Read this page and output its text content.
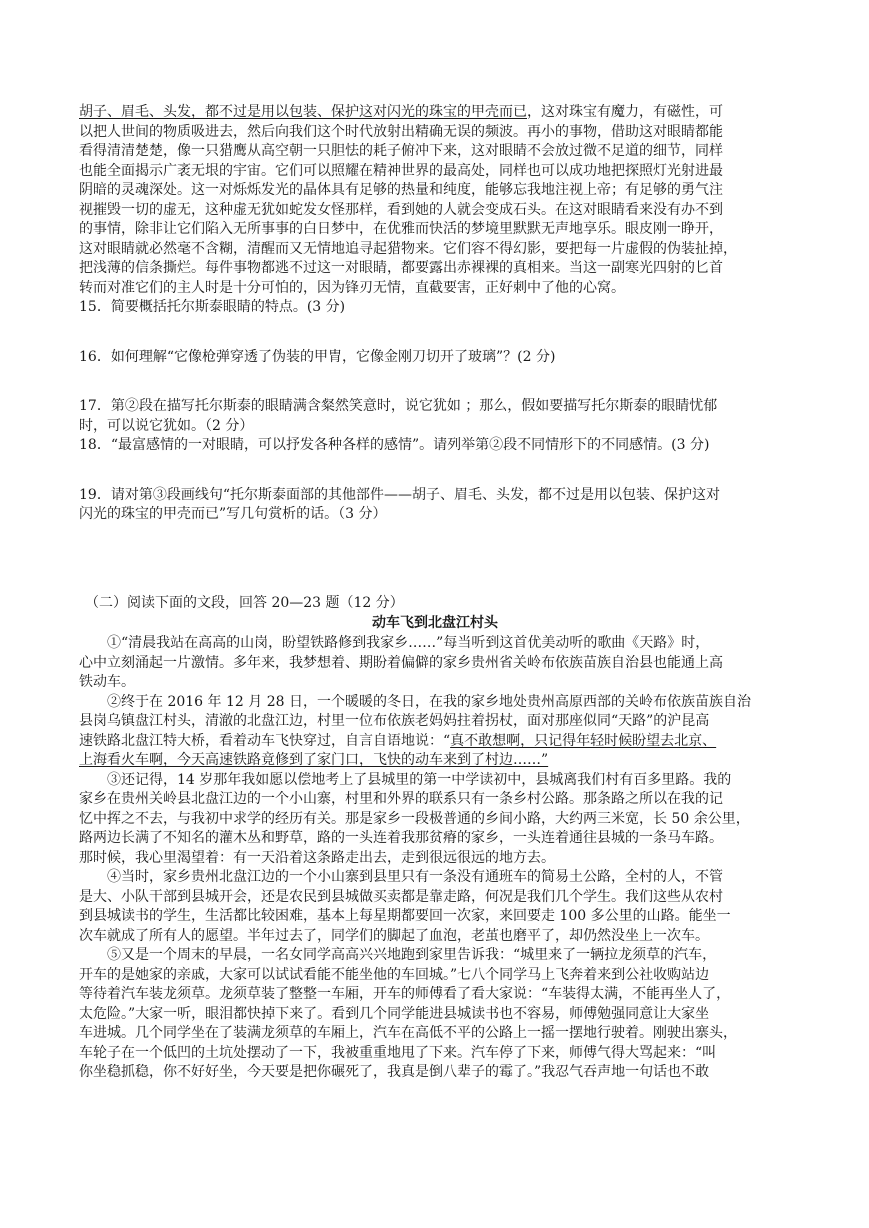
胡子、眉毛、头发，都不过是用以包装、保护这对闪光的珠宝的甲壳而已，这对珠宝有魔力，有磁性，可
以把人世间的物质吸进去，然后向我们这个时代放射出精确无误的频波。再小的事物，借助这对眼睛都能
看得清清楚楚，像一只猎鹰从高空朝一只胆怯的耗子俯冲下来，这对眼睛不会放过微不足道的细节，同样
也能全面揭示广袤无垠的宇宙。它们可以照耀在精神世界的最高处，同样也可以成功地把探照灯光射进最
阴暗的灵魂深处。这一对烁烁发光的晶体具有足够的热量和纯度，能够忘我地注视上帝；有足够的勇气注
视摧毁一切的虚无，这种虚无犹如蛇发女怪那样，看到她的人就会变成石头。在这对眼睛看来没有办不到
的事情，除非让它们陷入无所事事的白日梦中，在优雅而快活的梦境里默默无声地享乐。眼皮刚一睁开，
这对眼睛就必然毫不含糊，清醒而又无情地追寻起猎物来。它们容不得幻影，要把每一片虚假的伪装扯掉，
把浅薄的信条撕烂。每件事物都逃不过这一对眼睛，都要露出赤裸裸的真相来。当这一副寒光四射的匕首
转而对准它们的主人时是十分可怕的，因为锋刃无情，直截要害，正好刺中了他的心窝。
15．简要概括托尔斯泰眼睛的特点。(3 分)
16．如何理解“它像枪弹穿透了伪装的甲胄，它像金刚刀切开了玻璃”？(2 分)
17．第②段在描写托尔斯泰的眼睛满含粲然笑意时，说它犹如 ；那么，假如要描写托尔斯泰的眼睛忧郁
时，可以说它犹如。（2 分）
18．“最富感情的一对眼睛，可以抒发各种各样的感情”。请列举第②段不同情形下的不同感情。(3 分)
19．请对第③段画线句“托尔斯泰面部的其他部件——胡子、眉毛、头发，都不过是用以包装、保护这对
闪光的珠宝的甲壳而已”写几句赏析的话。（3 分）
（二）阅读下面的文段，回答 20—23 题（12 分）
动车飞到北盘江村头
①“清晨我站在高高的山岗，盼望铁路修到我家乡……”每当听到这首优美动听的歌曲《天路》时，
心中立刻涌起一片激情。多年来，我梦想着、期盼着偏僻的家乡贵州省关岭布依族苗族自治县也能通上高
铁动车。
②终于在 2016 年 12 月 28 日，一个暖暖的冬日，在我的家乡地处贵州高原西部的关岭布依族苗族自治
县岗乌镇盘江村头，清澈的北盘江边，村里一位布依族老妈妈拄着拐杖，面对那座似同“天路”的沪昆高
速铁路北盘江特大桥，看着动车飞快穿过，自言自语地说：“真不敢想啊，只记得年轻时候盼望去北京、
上海看火车啊，今天高速铁路竟修到了家门口，飞快的动车来到了村边……”
③还记得，14 岁那年我如愿以偿地考上了县城里的第一中学读初中，县城离我们村有百多里路。我的
家乡在贵州关岭县北盘江边的一个小山寨，村里和外界的联系只有一条乡村公路。那条路之所以在我的记
忆中挥之不去，与我初中求学的经历有关。那是家乡一段极普通的乡间小路，大约两三米宽，长 50 余公里，
路两边长满了不知名的灌木丛和野草，路的一头连着我那贫瘠的家乡，一头连着通往县城的一条马车路。
那时候，我心里渴望着：有一天沿着这条路走出去，走到很远很远的地方去。
④当时，家乡贵州北盘江边的一个小山寨到县里只有一条没有通班车的简易土公路，全村的人，不管
是大、小队干部到县城开会，还是农民到县城做买卖都是靠走路，何况是我们几个学生。我们这些从农村
到县城读书的学生，生活都比较困难，基本上每星期都要回一次家，来回要走 100 多公里的山路。能坐一
次车就成了所有人的愿望。半年过去了，同学们的脚起了血泡，老茧也磨平了，却仍然没坐上一次车。
⑤又是一个周末的早晨，一名女同学高高兴兴地跑到家里告诉我：“城里来了一辆拉龙须草的汽车，
开车的是她家的亲戚，大家可以试试看能不能坐他的车回城。”七八个同学马上飞奔着来到公社收购站边
等待着汽车装龙须草。龙须草装了整整一车厢，开车的师傅看了看大家说：“车装得太满，不能再坐人了，
太危险。”大家一听，眼泪都快掉下来了。看到几个同学能进县城读书也不容易，师傅勉强同意让大家坐
车进城。几个同学坐在了装满龙须草的车厢上，汽车在高低不平的公路上一摇一摆地行驶着。刚驶出寨头，
车轮子在一个低凹的土坑处摆动了一下，我被重重地甩了下来。汽车停了下来，师傅气得大骂起来：“叫
你坐稳抓稳，你不好好坐，今天要是把你碾死了，我真是倒八辈子的霉了。”我忍气吞声地一句话也不敢
